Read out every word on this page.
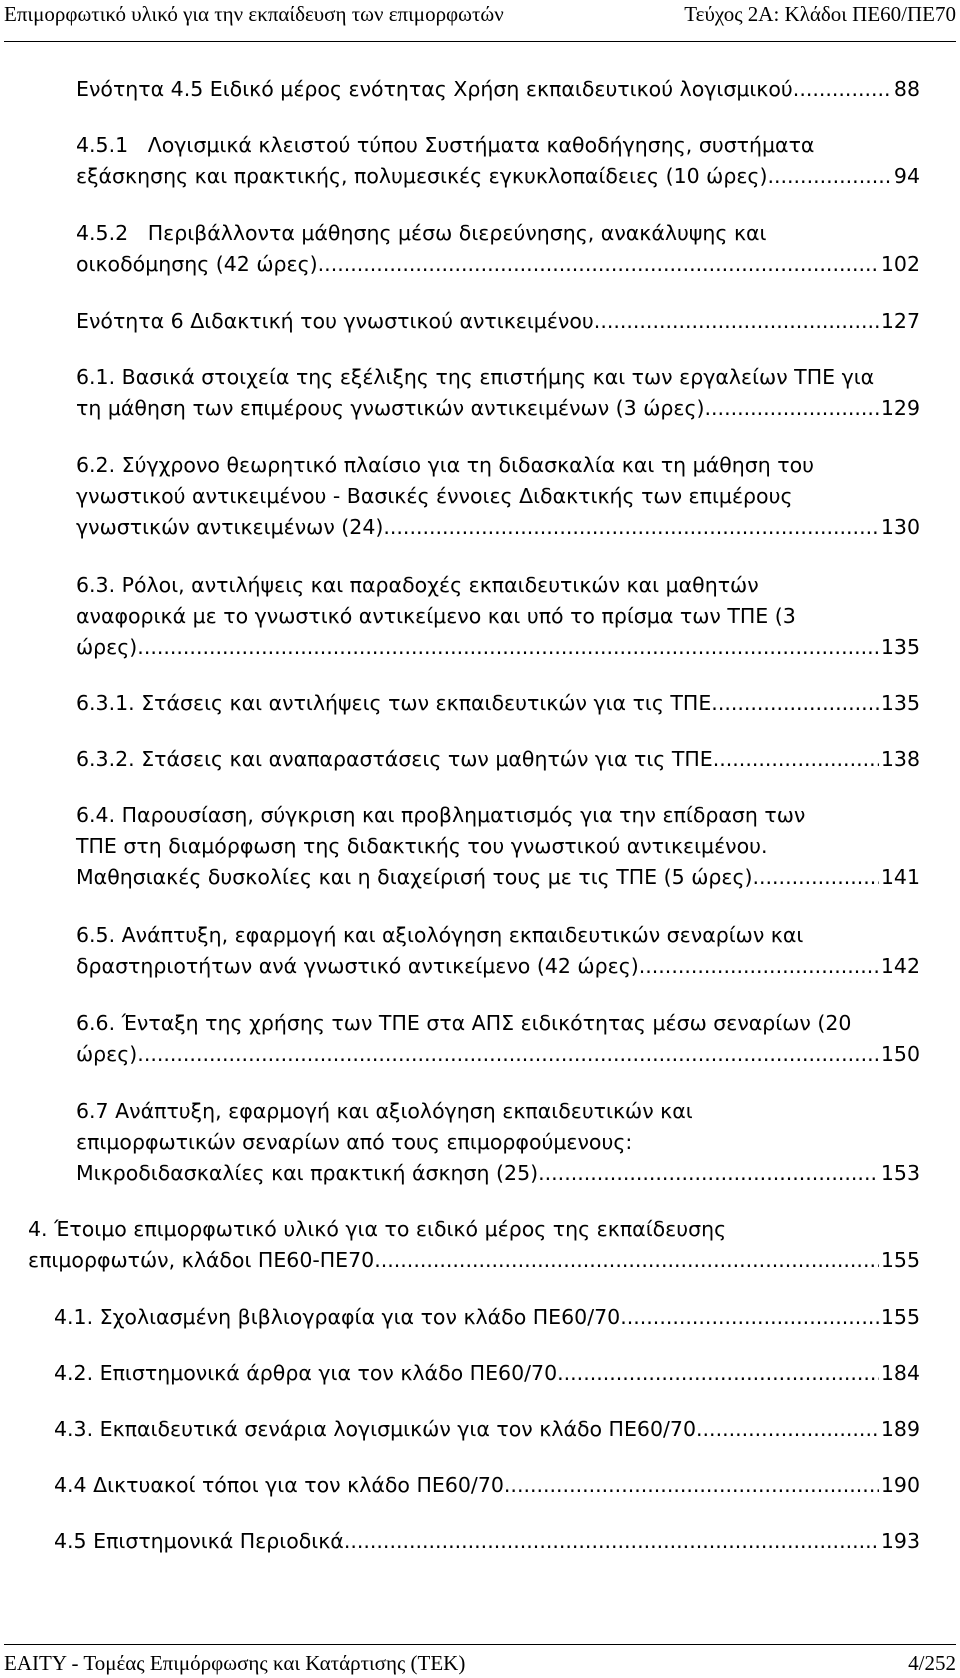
Επιμορφωτικό υλικό για την εκπαίδευση των επιμορφωτών	Τεύχος 2Α: Κλάδοι ΠΕ60/ΠΕ70
Ενότητα 4.5 Ειδικό μέρος ενότητας Χρήση εκπαιδευτικού λογισμικού .....	88
4.5.1   Λογισμικά κλειστού τύπου Συστήματα καθοδήγησης, συστήματα
εξάσκησης και πρακτικής, πολυμεσικές εγκυκλοπαίδειες (10 ώρες) .....	94
4.5.2   Περιβάλλοντα μάθησης μέσω διερεύνησης, ανακάλυψης και
οικοδόμησης (42 ώρες) .....	102
Ενότητα 6 Διδακτική του γνωστικού αντικειμένου .....	127
6.1. Βασικά στοιχεία της εξέλιξης της επιστήμης και των εργαλείων ΤΠΕ για
τη μάθηση των επιμέρους γνωστικών αντικειμένων (3 ώρες) .....	129
6.2. Σύγχρονο θεωρητικό πλαίσιο για τη διδασκαλία και τη μάθηση του
γνωστικού αντικειμένου - Βασικές έννοιες Διδακτικής των επιμέρους
γνωστικών αντικειμένων (24) .....	130
6.3. Ρόλοι, αντιλήψεις και παραδοχές εκπαιδευτικών και μαθητών
αναφορικά με το γνωστικό αντικείμενο και υπό το πρίσμα των ΤΠΕ (3
ώρες) .....	135
6.3.1. Στάσεις και αντιλήψεις των εκπαιδευτικών για τις ΤΠΕ .....	135
6.3.2. Στάσεις και αναπαραστάσεις των μαθητών για τις ΤΠΕ .....	138
6.4. Παρουσίαση, σύγκριση και προβληματισμός για την επίδραση των
ΤΠΕ στη διαμόρφωση της διδακτικής του γνωστικού αντικειμένου.
Μαθησιακές δυσκολίες και η διαχείρισή τους με τις ΤΠΕ (5 ώρες) .....	141
6.5. Ανάπτυξη, εφαρμογή και αξιολόγηση εκπαιδευτικών σεναρίων και
δραστηριοτήτων ανά γνωστικό αντικείμενο (42 ώρες) .....	142
6.6. Ένταξη της χρήσης των ΤΠΕ στα ΑΠΣ ειδικότητας μέσω σεναρίων (20
ώρες) .....	150
6.7 Ανάπτυξη, εφαρμογή και αξιολόγηση εκπαιδευτικών και
επιμορφωτικών σεναρίων από τους επιμορφούμενους:
Μικροδιδασκαλίες και πρακτική άσκηση (25) .....	153
4. Έτοιμο επιμορφωτικό υλικό για το ειδικό μέρος της εκπαίδευσης
επιμορφωτών, κλάδοι ΠΕ60-ΠΕ70 .....	155
4.1. Σχολιασμένη βιβλιογραφία για τον κλάδο ΠΕ60/70 .....	155
4.2. Επιστημονικά άρθρα για τον κλάδο ΠΕ60/70 .....	184
4.3. Εκπαιδευτικά σενάρια λογισμικών για τον κλάδο ΠΕ60/70 .....	189
4.4 Δικτυακοί τόποι για τον κλάδο ΠΕ60/70 .....	190
4.5 Επιστημονικά Περιοδικά .....	193
ΕΑΙΤΥ - Τομέας Επιμόρφωσης και Κατάρτισης (ΤΕΚ)	4/252
